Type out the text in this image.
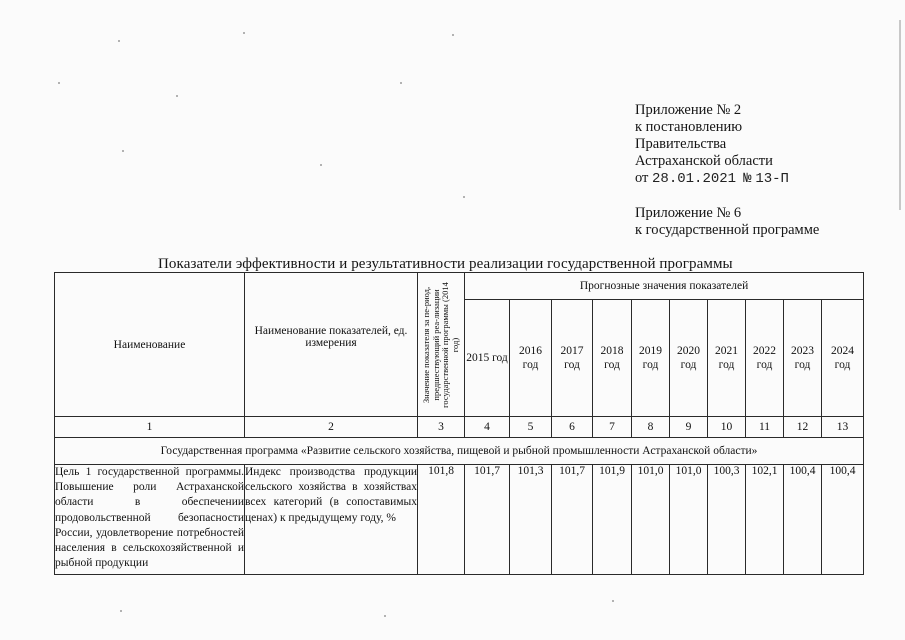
Приложение № 2
к постановлению
Правительства
Астраханской области
от 28.01.2021 № 13-П
Приложение № 6
к государственной программе
Показатели эффективности и результативности реализации государственной программы
Наименование	Наименование показателей, ед. измерения	Значение показателя за пе-риод, предшествующий реа-лизации государственной программы (2014 год)	Прогнозные значения показателей									
			2015 год	2016 год	2017 год	2018 год	2019 год	2020 год	2021 год	2022 год	2023 год	2024 год
1	2	3	4	5	6	7	8	9	10	11	12	13
Государственная программа «Развитие сельского хозяйства, пищевой и рыбной промышленности Астраханской области»												
Цель 1 государственной программы. Повышение роли Астраханской области в обеспечении продовольственной безопасности России, удовлетворение потребностей населения в сельскохозяйственной и рыбной продукции	Индекс производства продукции сельского хозяйства в хозяйствах всех категорий (в сопоставимых ценах) к предыдущему году, %	101,8	101,7	101,3	101,7	101,9	101,0	101,0	100,3	102,1	100,4	100,4
